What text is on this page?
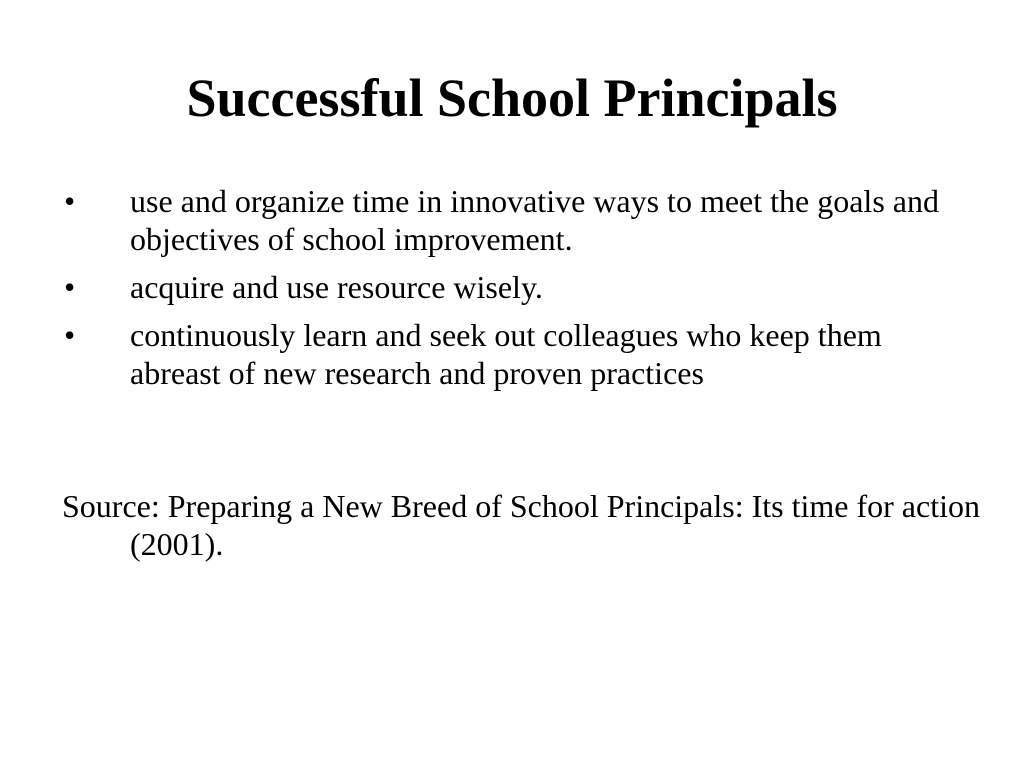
Successful School Principals
• use and organize time in innovative ways to meet the goals and objectives of school improvement.
• acquire and use resource wisely.
• continuously learn and seek out colleagues who keep them abreast of new research and proven practices

Source: Preparing a New Breed of School Principals: Its time for action (2001).
